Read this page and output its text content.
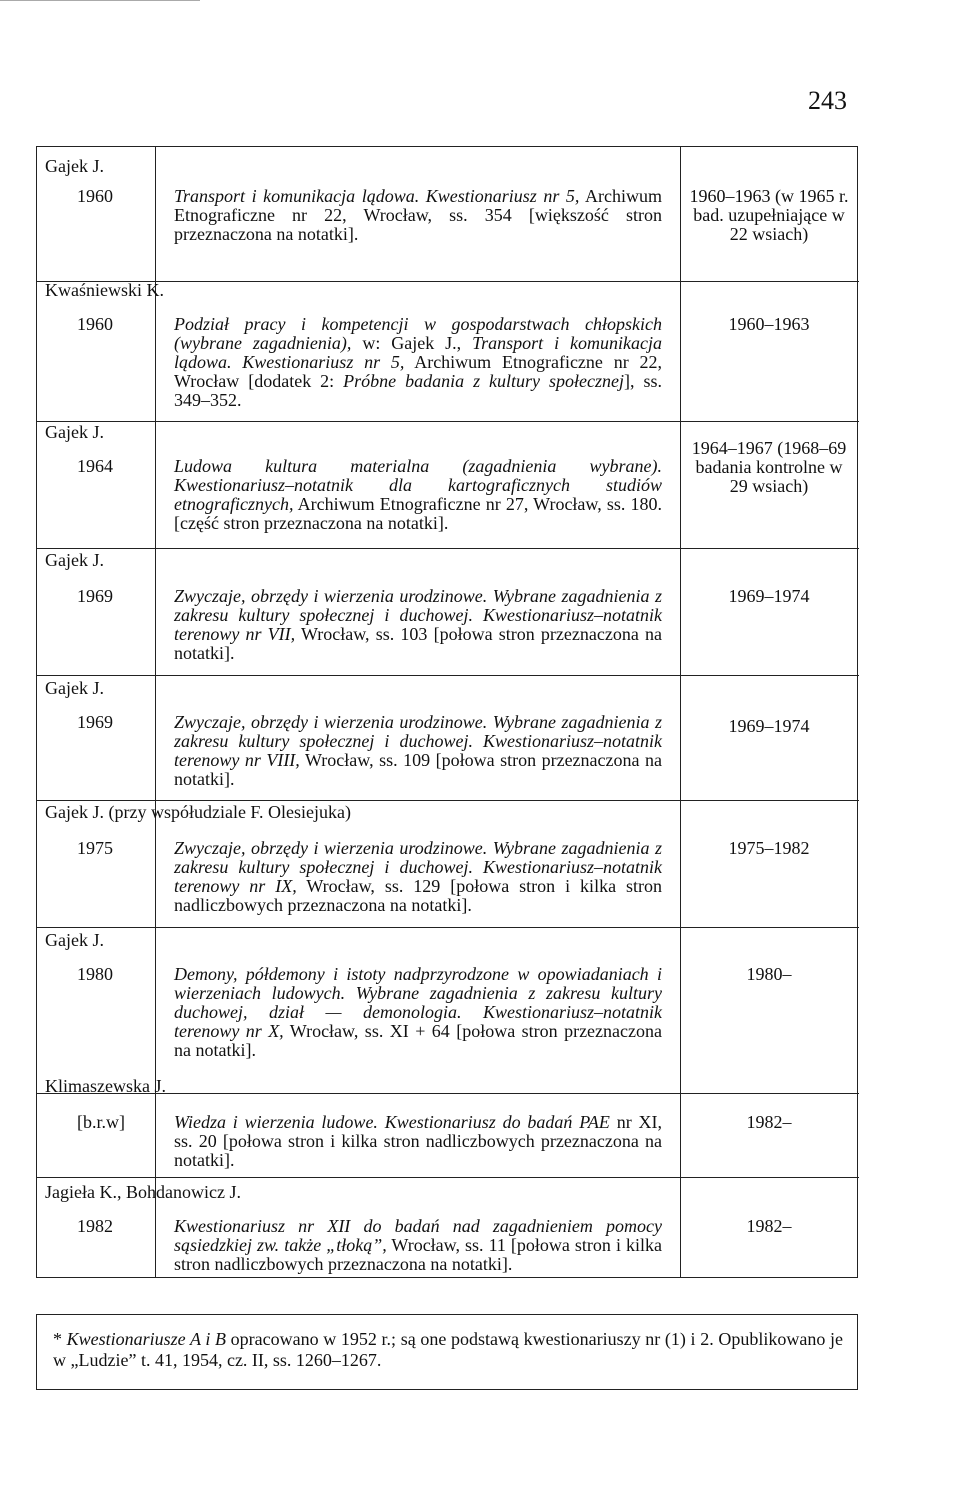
243
Gajek J.
1960	Transport i komunikacja lądowa. Kwestionariusz nr 5, Archiwum Etnograficzne nr 22, Wrocław, ss. 354 [większość stron przeznaczona na notatki].
1960–1963 (w 1965 r. bad. uzupełniające w 22 wsiach)
Kwaśniewski K.
1960	Podział pracy i kompetencji w gospodarstwach chłopskich (wybrane zagadnienia), w: Gajek J., Transport i komunikacja lądowa. Kwestionariusz nr 5, Archiwum Etnograficzne nr 22, Wrocław [dodatek 2: Próbne badania z kultury społecznej], ss. 349–352.
1960–1963
Gajek J.
1964	Ludowa kultura materialna (zagadnienia wybrane). Kwestionariusz–notatnik dla kartograficznych studiów etnograficznych, Archiwum Etnograficzne nr 27, Wrocław, ss. 180. [część stron przeznaczona na notatki].
1964–1967 (1968–69 badania kontrolne w 29 wsiach)
Gajek J.
1969	Zwyczaje, obrzędy i wierzenia urodzinowe. Wybrane zagadnienia z zakresu kultury społecznej i duchowej. Kwestionariusz–notatnik terenowy nr VII, Wrocław, ss. 103 [połowa stron przeznaczona na notatki].
1969–1974
Gajek J.
1969	Zwyczaje, obrzędy i wierzenia urodzinowe. Wybrane zagadnienia z zakresu kultury społecznej i duchowej. Kwestionariusz–notatnik terenowy nr VIII, Wrocław, ss. 109 [połowa stron przeznaczona na notatki].
1969–1974
Gajek J. (przy współudziale F. Olesiejuka)
1975	Zwyczaje, obrzędy i wierzenia urodzinowe. Wybrane zagadnienia z zakresu kultury społecznej i duchowej. Kwestionariusz–notatnik terenowy nr IX, Wrocław, ss. 129 [połowa stron i kilka stron nadliczbowych przeznaczona na notatki].
1975–1982
Gajek J.
1980	Demony, półdemony i istoty nadprzyrodzone w opowiadaniach i wierzeniach ludowych. Wybrane zagadnienia z zakresu kultury duchowej, dział — demonologia. Kwestionariusz–notatnik terenowy nr X, Wrocław, ss. XI + 64 [połowa stron przeznaczona na notatki].
1980–
Klimaszewska J.
[b.r.w]	Wiedza i wierzenia ludowe. Kwestionariusz do badań PAE nr XI, ss. 20 [połowa stron i kilka stron nadliczbowych przeznaczona na notatki].
1982–
Jagieła K., Bohdanowicz J.
1982	Kwestionariusz nr XII do badań nad zagadnieniem pomocy sąsiedzkiej zw. także „tłoką”, Wrocław, ss. 11 [połowa stron i kilka stron nadliczbowych przeznaczona na notatki].
1982–
* Kwestionariusze A i B opracowano w 1952 r.; są one podstawą kwestionariuszy nr (1) i 2. Opublikowano je w „Ludzie” t. 41, 1954, cz. II, ss. 1260–1267.
